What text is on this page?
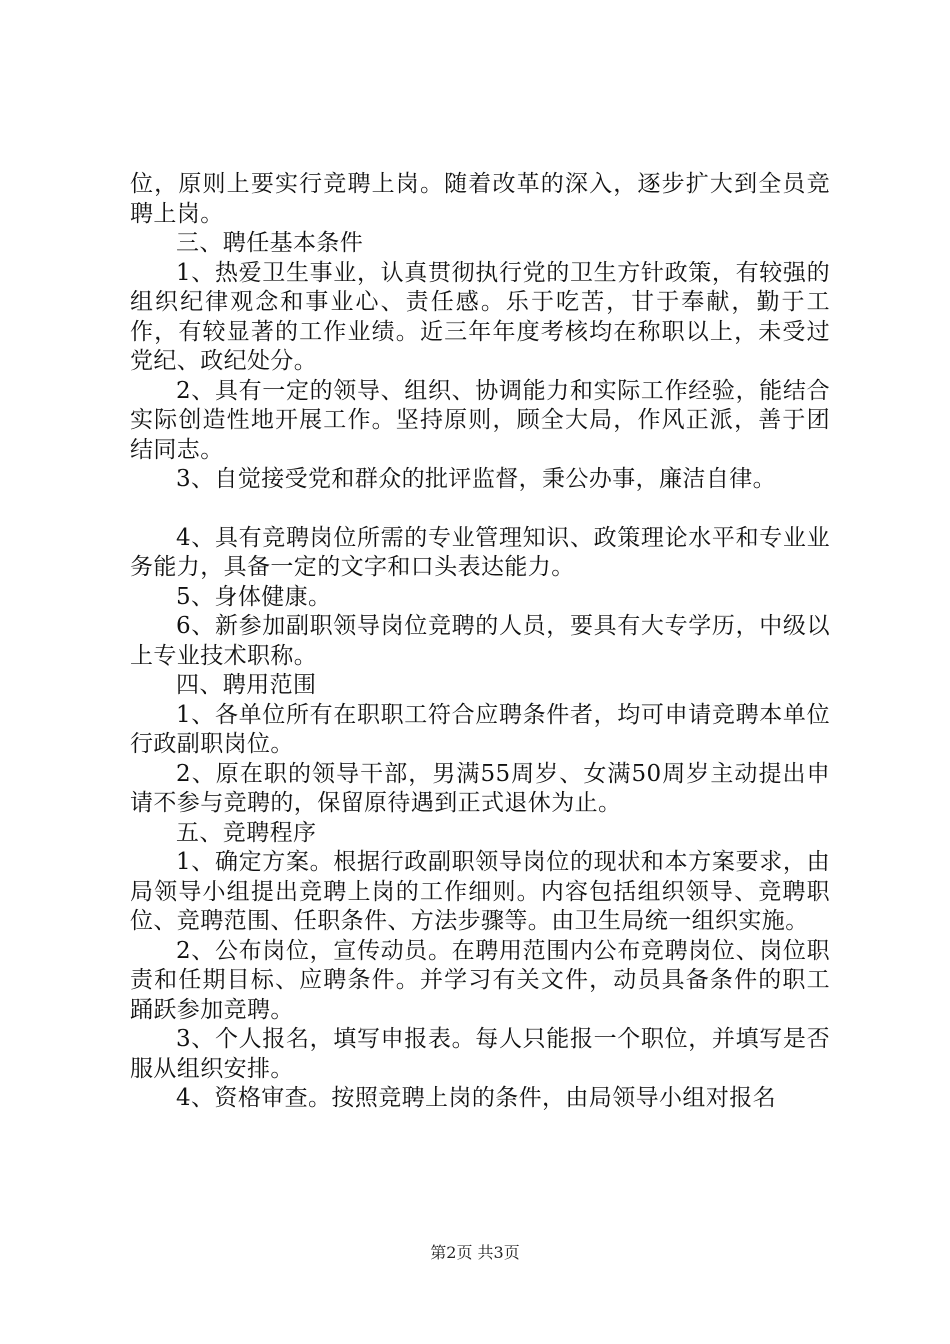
位，原则上要实行竞聘上岗。随着改革的深入，逐步扩大到全员竞聘上岗。

三、聘任基本条件

1、热爱卫生事业，认真贯彻执行党的卫生方针政策，有较强的组织纪律观念和事业心、责任感。乐于吃苦，甘于奉献，勤于工作，有较显著的工作业绩。近三年年度考核均在称职以上，未受过党纪、政纪处分。

2、具有一定的领导、组织、协调能力和实际工作经验，能结合实际创造性地开展工作。坚持原则，顾全大局，作风正派，善于团结同志。

3、自觉接受党和群众的批评监督，秉公办事，廉洁自律。

4、具有竞聘岗位所需的专业管理知识、政策理论水平和专业业务能力，具备一定的文字和口头表达能力。

5、身体健康。

6、新参加副职领导岗位竞聘的人员，要具有大专学历，中级以上专业技术职称。

四、聘用范围

1、各单位所有在职职工符合应聘条件者，均可申请竞聘本单位行政副职岗位。

2、原在职的领导干部，男满55周岁、女满50周岁主动提出申请不参与竞聘的，保留原待遇到正式退休为止。

五、竞聘程序

1、确定方案。根据行政副职领导岗位的现状和本方案要求，由局领导小组提出竞聘上岗的工作细则。内容包括组织领导、竞聘职位、竞聘范围、任职条件、方法步骤等。由卫生局统一组织实施。

2、公布岗位，宣传动员。在聘用范围内公布竞聘岗位、岗位职责和任期目标、应聘条件。并学习有关文件，动员具备条件的职工踊跃参加竞聘。

3、个人报名，填写申报表。每人只能报一个职位，并填写是否服从组织安排。

4、资格审查。按照竞聘上岗的条件，由局领导小组对报名

第2页 共3页
